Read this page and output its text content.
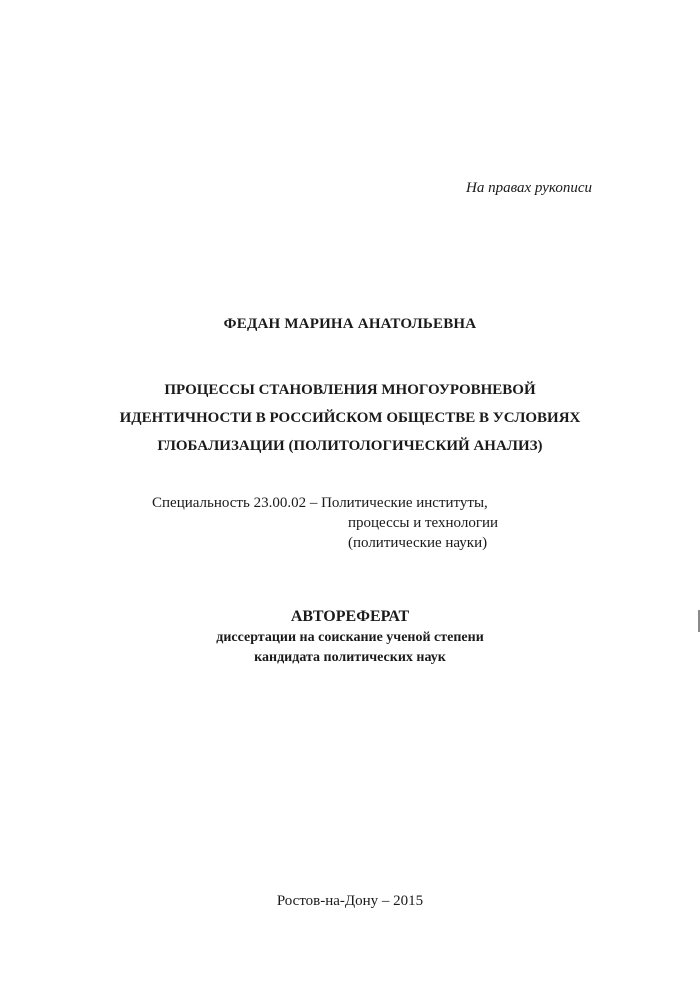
На правах рукописи
ФЕДАН МАРИНА АНАТОЛЬЕВНА
ПРОЦЕССЫ СТАНОВЛЕНИЯ МНОГОУРОВНЕВОЙ
ИДЕНТИЧНОСТИ В РОССИЙСКОМ ОБЩЕСТВЕ В УСЛОВИЯХ
ГЛОБАЛИЗАЦИИ (ПОЛИТОЛОГИЧЕСКИЙ АНАЛИЗ)
Специальность 23.00.02 – Политические институты,
процессы и технологии
(политические науки)
АВТОРЕФЕРАТ
диссертации на соискание ученой степени
кандидата политических наук
Ростов-на-Дону – 2015
